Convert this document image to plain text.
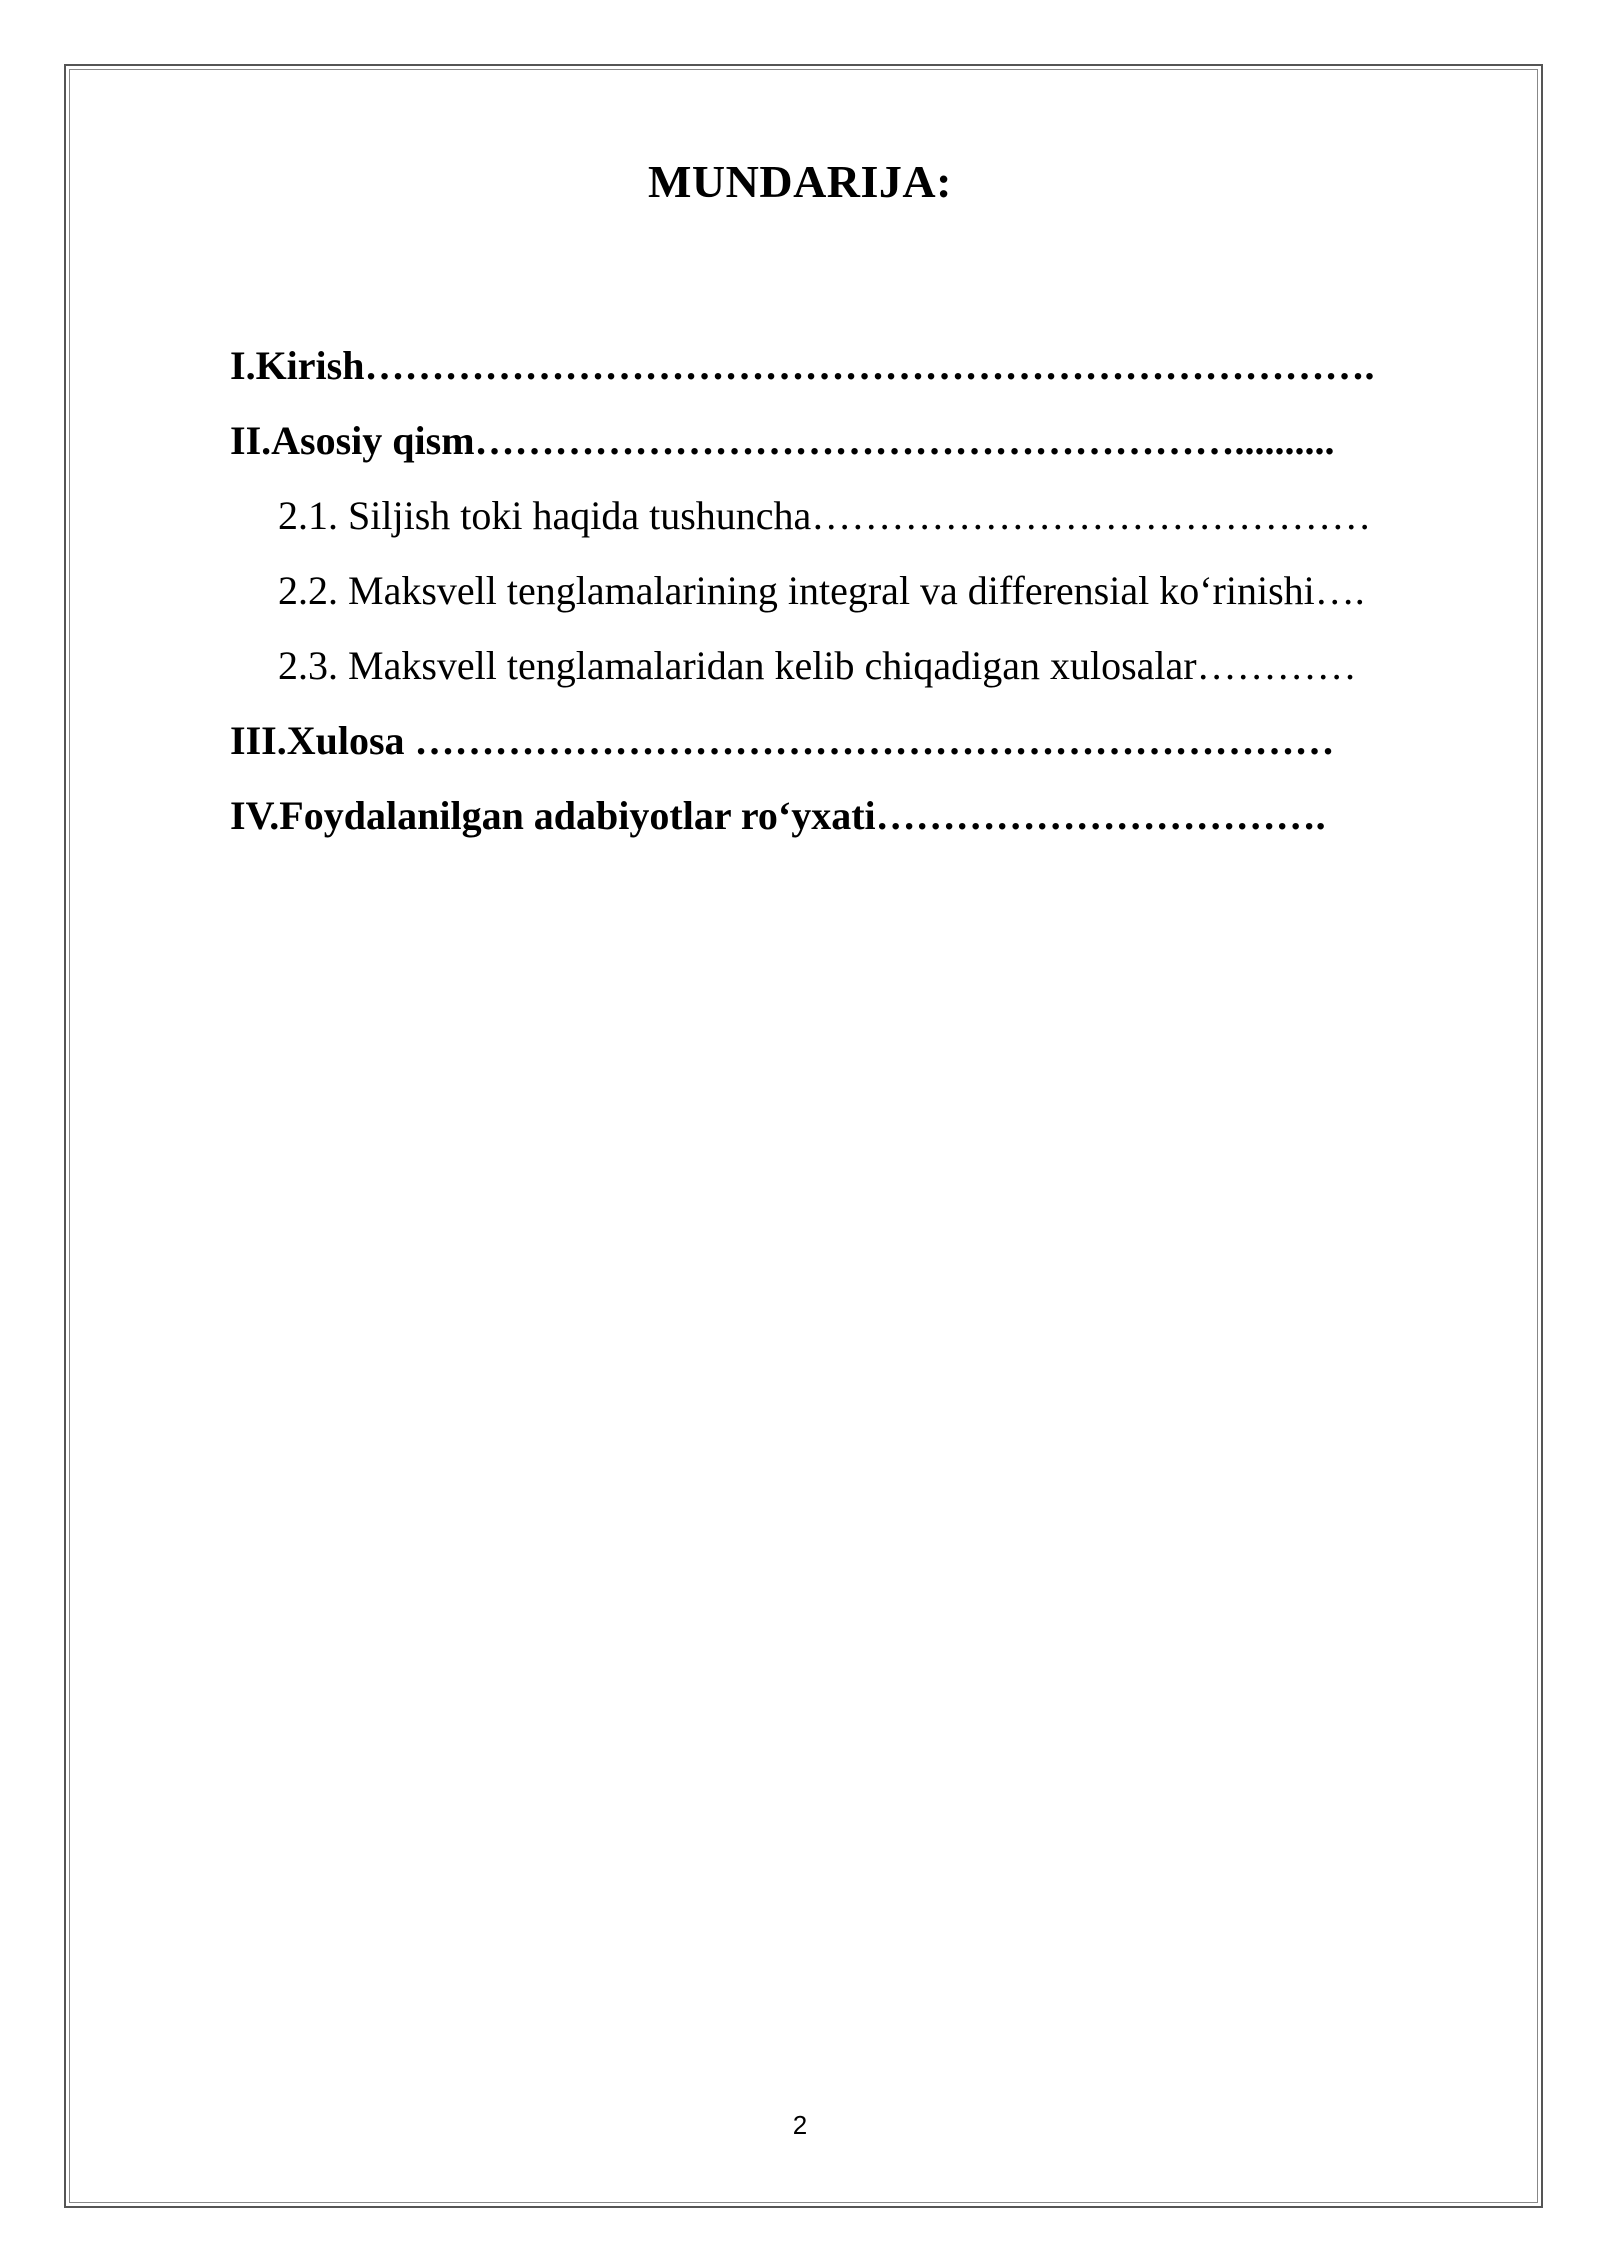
MUNDARIJA:
I.Kirish………………………………………………………………….
II.Asosiy qism…………………………………………………..........
2.1. Siljish toki haqida tushuncha……………………………………
2.2. Maksvell tenglamalarining integral va differensial ko‘rinishi….
2.3. Maksvell tenglamalaridan kelib chiqadigan xulosalar…………
III.Xulosa ……………………………………………………………
IV.Foydalanilgan adabiyotlar ro‘yxati…………………………….
2
